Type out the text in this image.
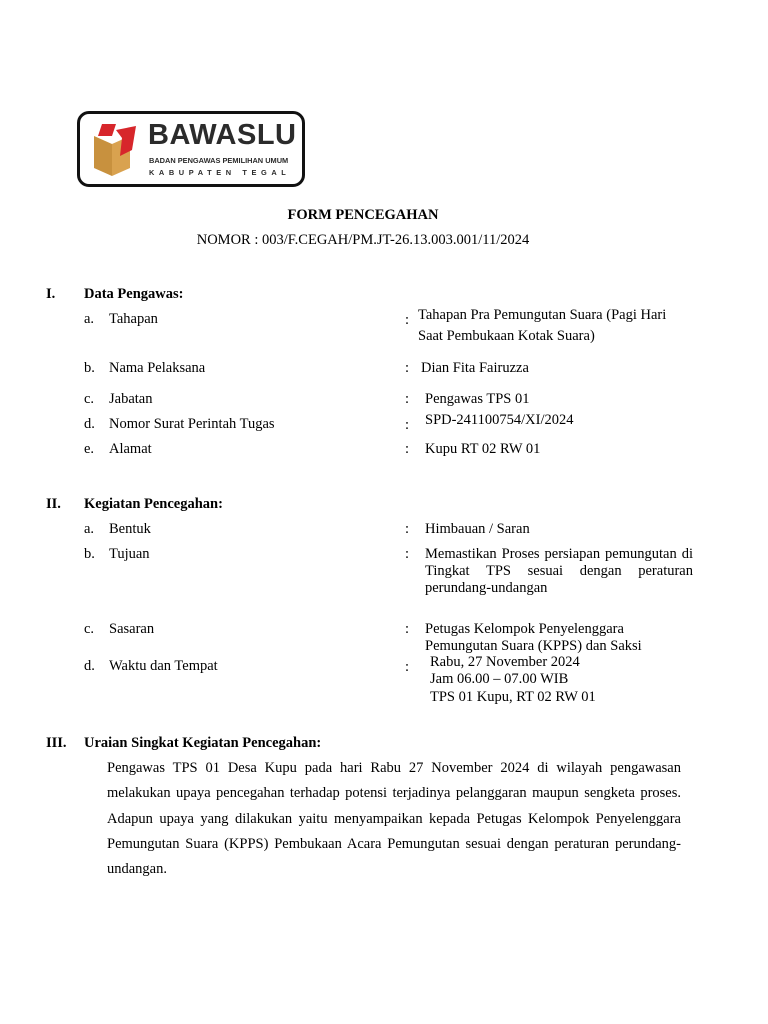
BAWASLU
BADAN PENGAWAS PEMILIHAN UMUM
KABUPATEN TEGAL
FORM PENCEGAHAN
NOMOR : 003/F.CEGAH/PM.JT-26.13.003.001/11/2024
I. Data Pengawas:
a. Tahapan	: Tahapan Pra Pemungutan Suara (Pagi Hari
Saat Pembukaan Kotak Suara)
b. Nama Pelaksana	: Dian Fita Fairuzza
c. Jabatan	: Pengawas TPS 01
d. Nomor Surat Perintah Tugas	: SPD-241100754/XI/2024
e. Alamat	: Kupu RT 02 RW 01
II. Kegiatan Pencegahan:
a. Bentuk	: Himbauan / Saran
b. Tujuan	: Memastikan Proses persiapan pemungutan di Tingkat TPS sesuai dengan peraturan perundang-undangan
c. Sasaran	: Petugas Kelompok Penyelenggara
Pemungutan Suara (KPPS) dan Saksi
d. Waktu dan Tempat	: Rabu, 27 November 2024
Jam 06.00 – 07.00 WIB
TPS 01 Kupu, RT 02 RW 01
III. Uraian Singkat Kegiatan Pencegahan:
Pengawas TPS 01 Desa Kupu pada hari Rabu 27 November 2024 di wilayah pengawasan melakukan upaya pencegahan terhadap potensi terjadinya pelanggaran maupun sengketa proses. Adapun upaya yang dilakukan yaitu menyampaikan kepada Petugas Kelompok Penyelenggara Pemungutan Suara (KPPS) Pembukaan Acara Pemungutan sesuai dengan peraturan perundang-undangan.
